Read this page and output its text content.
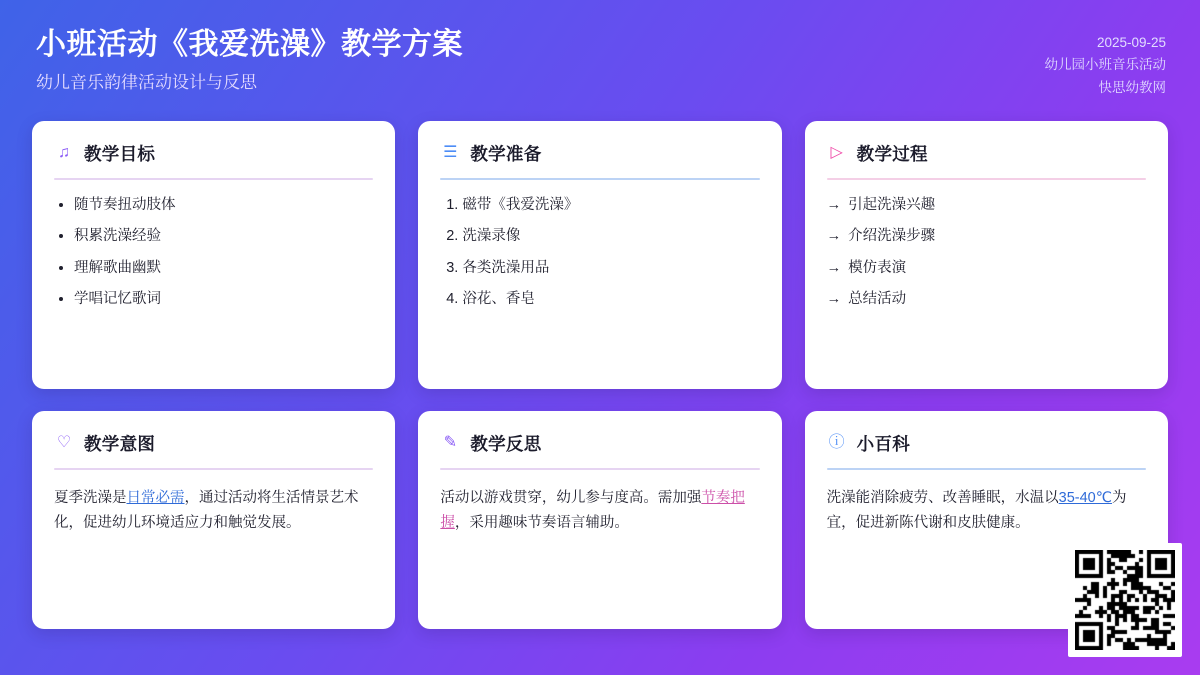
小班活动《我爱洗澡》教学方案
幼儿音乐韵律活动设计与反思
2025-09-25
幼儿园小班音乐活动
快思幼教网
♫ 教学目标
• 随节奏扭动肢体
• 积累洗澡经验
• 理解歌曲幽默
• 学唱记忆歌词
☰ 教学准备
1. 磁带《我爱洗澡》
2. 洗澡录像
3. 各类洗澡用品
4. 浴花、香皂
▷ 教学过程
→ 引起洗澡兴趣
→ 介绍洗澡步骤
→ 模仿表演
→ 总结活动
♡ 教学意图

夏季洗澡是日常必需，通过活动将生活情景艺术化，促进幼儿环境适应力和触觉发展。

✎ 教学反思

活动以游戏贯穿，幼儿参与度高。需加强节奏把握，采用趣味节奏语言辅助。

ⓘ 小百科

洗澡能消除疲劳、改善睡眠，水温以35-40℃为宜，促进新陈代谢和皮肤健康。
